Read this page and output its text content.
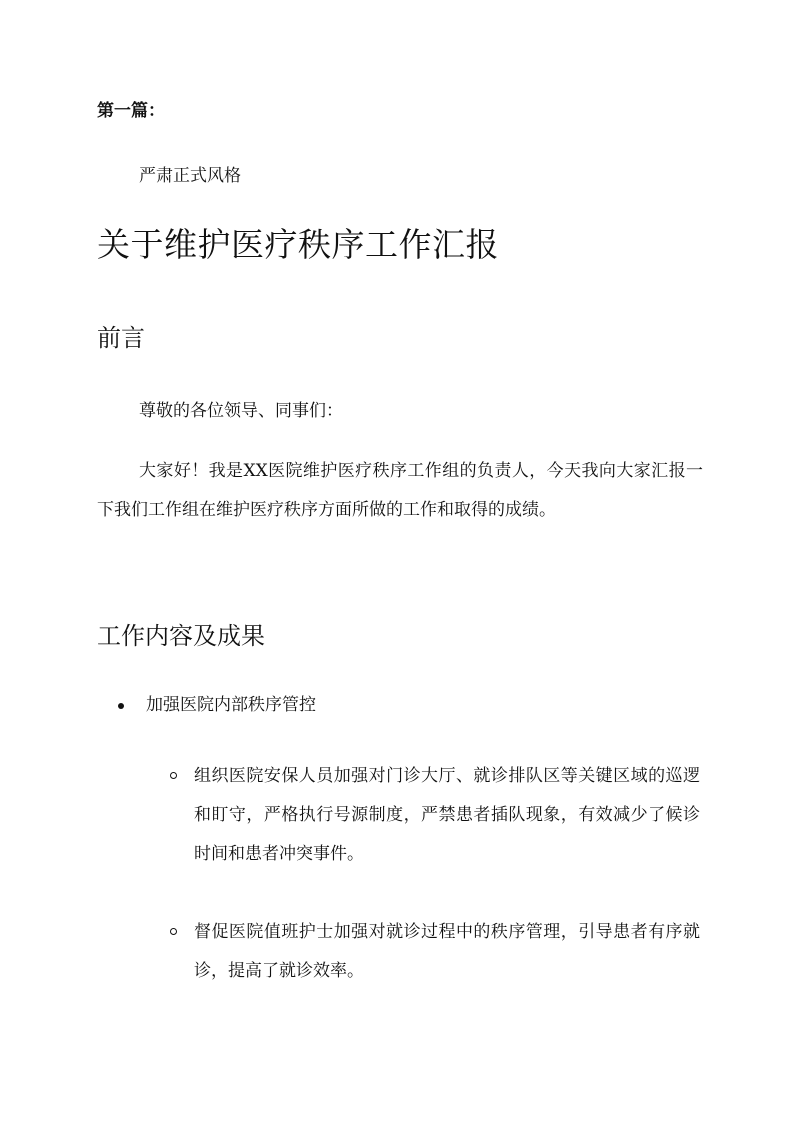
第一篇：

严肃正式风格

关于维护医疗秩序工作汇报
前言

尊敬的各位领导、同事们：

大家好！我是XX医院维护医疗秩序工作组的负责人，今天我向大家汇报一下我们工作组在维护医疗秩序方面所做的工作和取得的成绩。

工作内容及成果
加强医院内部秩序管控

组织医院安保人员加强对门诊大厅、就诊排队区等关键区域的巡逻和盯守，严格执行号源制度，严禁患者插队现象，有效减少了候诊时间和患者冲突事件。

督促医院值班护士加强对就诊过程中的秩序管理，引导患者有序就诊，提高了就诊效率。
